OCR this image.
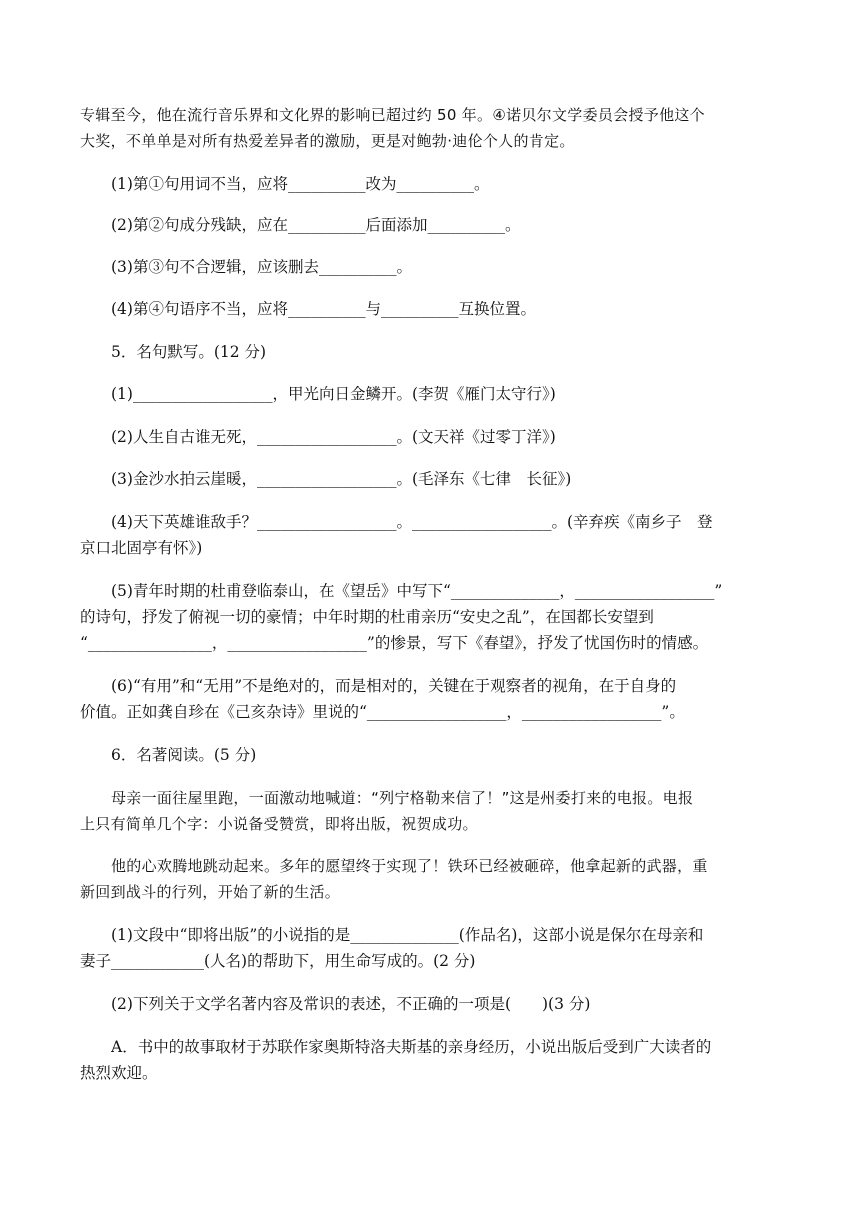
专辑至今，他在流行音乐界和文化界的影响已超过约 50 年。④诺贝尔文学委员会授予他这个
大奖，不单单是对所有热爱差异者的激励，更是对鲍勃·迪伦个人的肯定。
(1)第①句用词不当，应将__________改为__________。
(2)第②句成分残缺，应在__________后面添加__________。
(3)第③句不合逻辑，应该删去__________。
(4)第④句语序不当，应将__________与__________互换位置。
5．名句默写。(12 分)
(1)__________________，甲光向日金鳞开。(李贺《雁门太守行》)
(2)人生自古谁无死，__________________。(文天祥《过零丁洋》)
(3)金沙水拍云崖暖，__________________。(毛泽东《七律　长征》)
(4)天下英雄谁敌手？__________________。__________________。(辛弃疾《南乡子　登
京口北固亭有怀》)
(5)青年时期的杜甫登临泰山，在《望岳》中写下“______________，__________________”
的诗句，抒发了俯视一切的豪情；中年时期的杜甫亲历“安史之乱”，在国都长安望到
“________________，__________________”的惨景，写下《春望》，抒发了忧国伤时的情感。
(6)“有用”和“无用”不是绝对的，而是相对的，关键在于观察者的视角，在于自身的
价值。正如龚自珍在《己亥杂诗》里说的“__________________，__________________”。
6．名著阅读。(5 分)
母亲一面往屋里跑，一面激动地喊道：“列宁格勒来信了！”这是州委打来的电报。电报
上只有简单几个字：小说备受赞赏，即将出版，祝贺成功。
他的心欢腾地跳动起来。多年的愿望终于实现了！铁环已经被砸碎，他拿起新的武器，重
新回到战斗的行列，开始了新的生活。
(1)文段中“即将出版”的小说指的是______________(作品名)，这部小说是保尔在母亲和
妻子____________(人名)的帮助下，用生命写成的。(2 分)
(2)下列关于文学名著内容及常识的表述，不正确的一项是(　　)(3 分)
A．书中的故事取材于苏联作家奥斯特洛夫斯基的亲身经历，小说出版后受到广大读者的
热烈欢迎。
